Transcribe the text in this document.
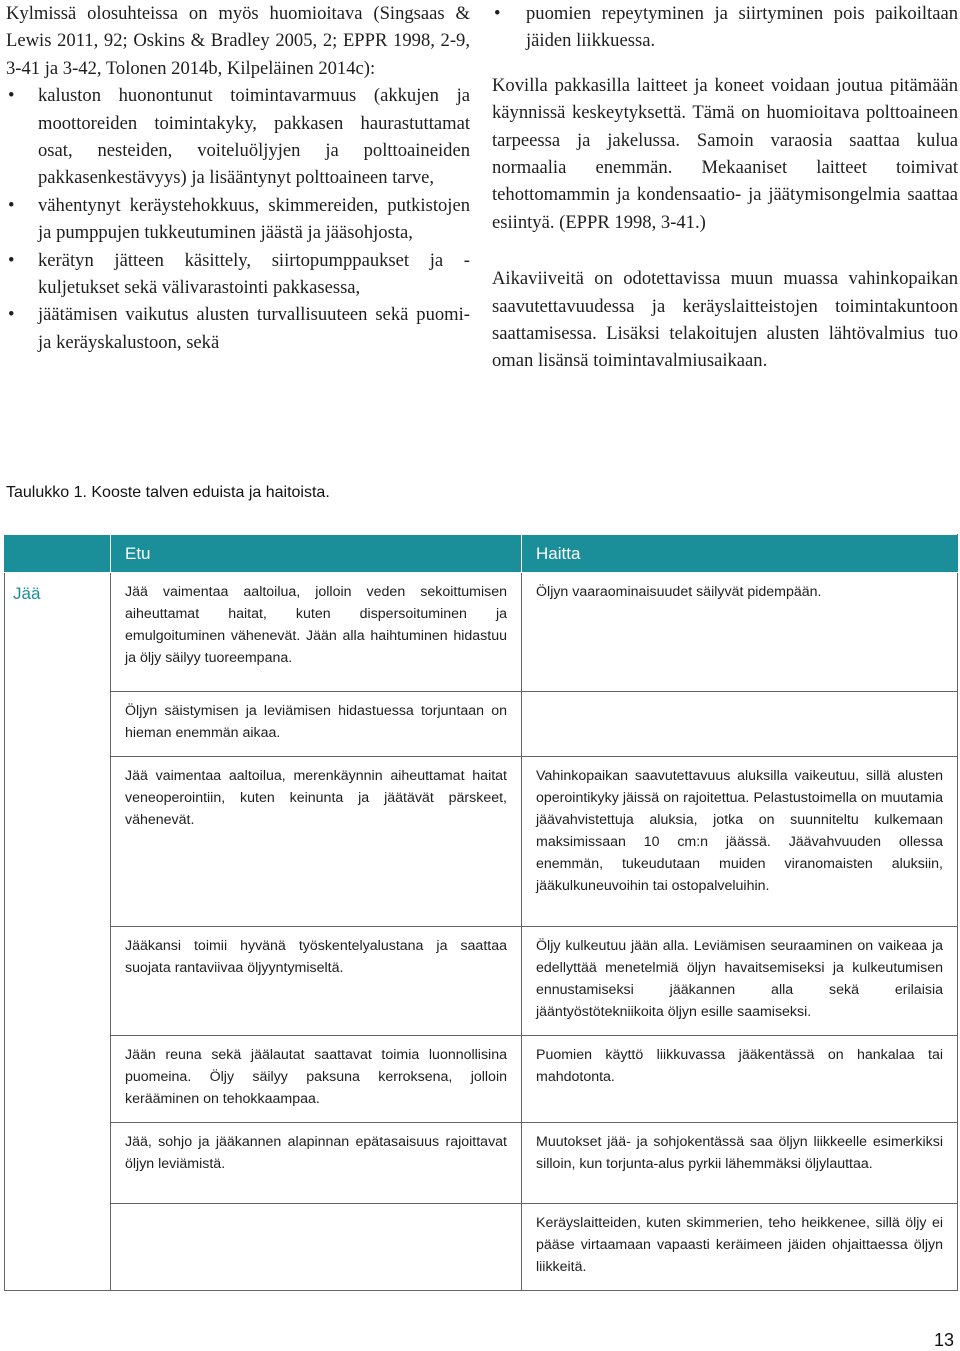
Kylmissä olosuhteissa on myös huomioitava (Singsaas & Lewis 2011, 92; Oskins & Bradley 2005, 2; EPPR 1998, 2-9, 3-41 ja 3-42, Tolonen 2014b, Kilpeläinen 2014c):

• kaluston huonontunut toimintavarmuus (akkujen ja moottoreiden toimintakyky, pakkasen haurastuttamat osat, nesteiden, voiteluöljyjen ja polttoaineiden pakkasenkestävyys) ja lisääntynyt polttoaineen tarve,
• vähentynyt keräystehokkuus, skimmereiden, putkistojen ja pumppujen tukkeutuminen jäästä ja jääsohjosta,
• kerätyn jätteen käsittely, siirtopumppaukset ja -kuljetukset sekä välivarastointi pakkasessa,
• jäätämisen vaikutus alusten turvallisuuteen sekä puomi- ja keräyskalustoon, sekä
• puomien repeytyminen ja siirtyminen pois paikoiltaan jäiden liikkuessa.

Kovilla pakkasilla laitteet ja koneet voidaan joutua pitämään käynnissä keskeytyksettä. Tämä on huomioitava polttoaineen tarpeessa ja jakelussa. Samoin varaosia saattaa kulua normaalia enemmän. Mekaaniset laitteet toimivat tehottomammin ja kondensaatio- ja jäätymisongelmia saattaa esiintyä. (EPPR 1998, 3-41.)

Aikaviiveitä on odotettavissa muun muassa vahinkopaikan saavutettavuudessa ja keräyslaitteistojen toimintakuntoon saattamisessa. Lisäksi telakoitujen alusten lähtövalmius tuo oman lisänsä toimintavalmiusaikaan.

Taulukko 1. Kooste talven eduista ja haitoista.
	Etu	Haitta
Jää	Jää vaimentaa aaltoilua, jolloin veden sekoittumisen aiheuttamat haitat, kuten dispersoituminen ja emulgoituminen vähenevät. Jään alla haihtuminen hidastuu ja öljy säilyy tuoreempana.	Öljyn vaaraominaisuudet säilyvät pidempään.
	Öljyn säistymisen ja leviämisen hidastuessa torjuntaan on hieman enemmän aikaa.	
	Jää vaimentaa aaltoilua, merenkäynnin aiheuttamat haitat veneoperointiin, kuten keinunta ja jäätävät pärskeet, vähenevät.	Vahinkopaikan saavutettavuus aluksilla vaikeutuu, sillä alusten operointikyky jäissä on rajoitettua. Pelastustoimella on muutamia jäävahvistettuja aluksia, jotka on suunniteltu kulkemaan maksimissaan 10 cm:n jäässä. Jäävahvuuden ollessa enemmän, tukeudutaan muiden viranomaisten aluksiin, jääkulkuneuvoihin tai ostopalveluihin.
	Jääkansi toimii hyvänä työskentelyalustana ja saattaa suojata rantaviivaa öljyyntymiseltä.	Öljy kulkeutuu jään alla. Leviämisen seuraaminen on vaikeaa ja edellyttää menetelmiä öljyn havaitsemiseksi ja kulkeutumisen ennustamiseksi jääkannen alla sekä erilaisia jääntyöstötekniikoita öljyn esille saamiseksi.
	Jään reuna sekä jäälautat saattavat toimia luonnollisina puomeina. Öljy säilyy paksuna kerroksena, jolloin kerääminen on tehokkaampaa.	Puomien käyttö liikkuvassa jääkentässä on hankalaa tai mahdotonta.
	Jää, sohjo ja jääkannen alapinnan epätasaisuus rajoittavat öljyn leviämistä.	Muutokset jää- ja sohjokentässä saa öljyn liikkeelle esimerkiksi silloin, kun torjunta-alus pyrkii lähemmäksi öljylauttaa.
		Keräyslaitteiden, kuten skimmerien, teho heikkenee, sillä öljy ei pääse virtaamaan vapaasti keräimeen jäiden ohjaittaessa öljyn liikkeitä.
13
